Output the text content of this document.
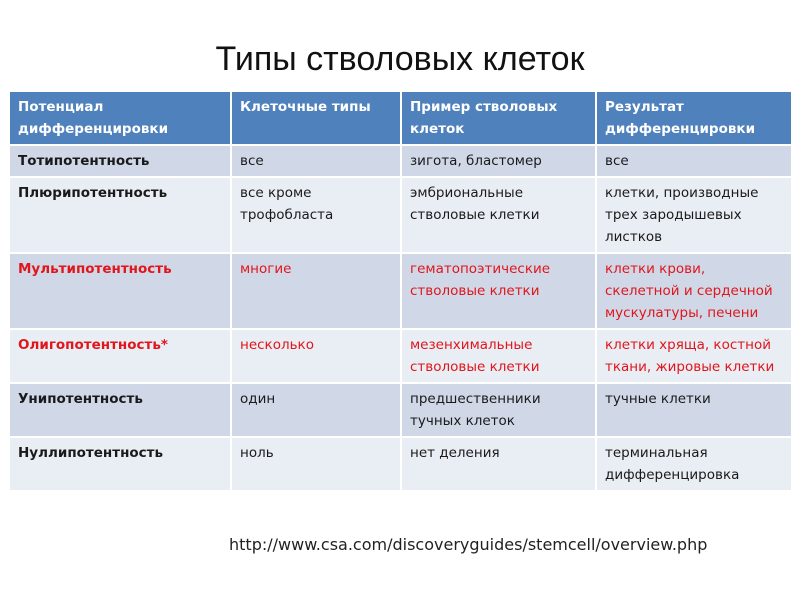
Типы стволовых клеток
Потенциал дифференцировки	Клеточные типы	Пример стволовых клеток	Результат дифференцировки
Тотипотентность	все	зигота, бластомер	все
Плюрипотентность	все кроме трофобласта	эмбриональные стволовые клетки	клетки, производные трех зародышевых листков
Мультипотентность	многие	гематопоэтические стволовые клетки	клетки крови, скелетной и сердечной мускулатуры, печени
Олигопотентность*	несколько	мезенхимальные стволовые клетки	клетки хряща, костной ткани, жировые клетки
Унипотентность	один	предшественники тучных клеток	тучные клетки
Нуллипотентность	ноль	нет деления	терминальная дифференцировка
http://www.csa.com/discoveryguides/stemcell/overview.php
